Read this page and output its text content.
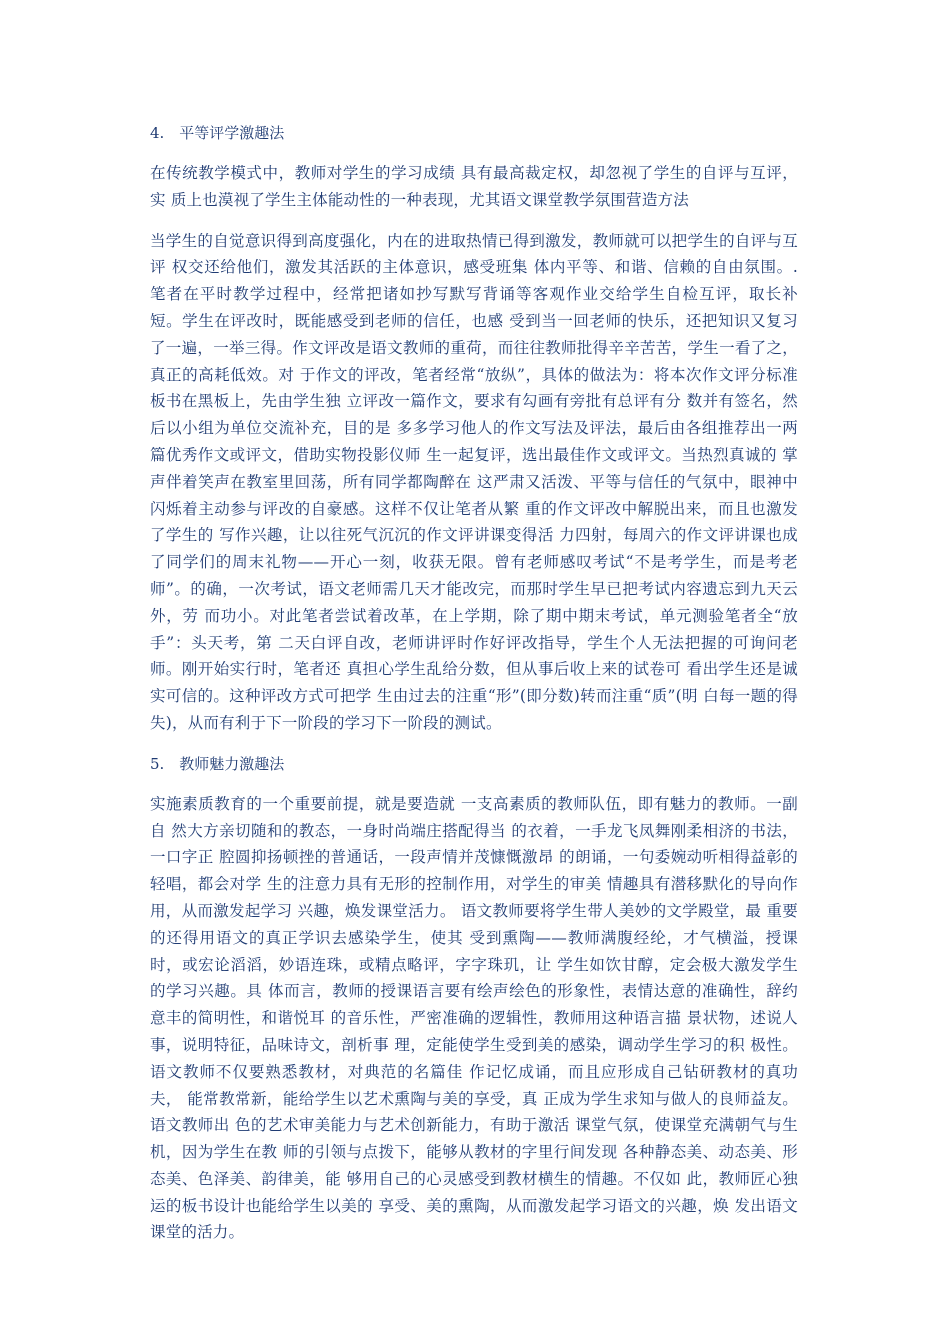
4.　平等评学激趣法

在传统教学模式中，教师对学生的学习成绩 具有最高裁定权，却忽视了学生的自评与互评，实 质上也漠视了学生主体能动性的一种表现，尤其语文课堂教学氛围营造方法

当学生的自觉意识得到高度强化，内在的进取热情已得到激发，教师就可以把学生的自评与互评 权交还给他们，激发其活跃的主体意识，感受班集 体内平等、和谐、信赖的自由氛围。. 笔者在平时教学过程中，经常把诸如抄写默写背诵等客观作业交给学生自检互评，取长补 短。学生在评改时，既能感受到老师的信任，也感 受到当一回老师的快乐，还把知识又复习了一遍，一举三得。作文评改是语文教师的重荷，而往往教师批得辛辛苦苦，学生一看了之，真正的高耗低效。对 于作文的评改，笔者经常“放纵”，具体的做法为：将本次作文评分标准板书在黑板上，先由学生独 立评改一篇作文，要求有勾画有旁批有总评有分 数并有签名，然后以小组为单位交流补充，目的是 多多学习他人的作文写法及评法，最后由各组推荐出一两篇优秀作文或评文，借助实物投影仪师 生一起复评，选出最佳作文或评文。当热烈真诚的 掌声伴着笑声在教室里回荡，所有同学都陶醉在 这严肃又活泼、平等与信任的气氛中，眼神中闪烁着主动参与评改的自豪感。这样不仅让笔者从繁 重的作文评改中解脱出来，而且也激发了学生的 写作兴趣，让以往死气沉沉的作文评讲课变得活 力四射，每周六的作文评讲课也成了同学们的周末礼物——开心一刻，收获无限。曾有老师感叹考试“不是考学生，而是考老 师”。的确，一次考试，语文老师需几天才能改完，而那时学生早已把考试内容遗忘到九天云外，劳 而功小。对此笔者尝试着改革，在上学期，除了期中期末考试，单元测验笔者全“放手”：头天考，第 二天白评自改，老师讲评时作好评改指导，学生个人无法把握的可询问老师。刚开始实行时，笔者还 真担心学生乱给分数，但从事后收上来的试卷可 看出学生还是诚实可信的。这种评改方式可把学 生由过去的注重“形”(即分数)转而注重“质”(明 白每一题的得失)，从而有利于下一阶段的学习下一阶段的测试。

5.　教师魅力激趣法

实施素质教育的一个重要前提，就是要造就 一支高素质的教师队伍，即有魅力的教师。一副自 然大方亲切随和的教态，一身时尚端庄搭配得当 的衣着，一手龙飞凤舞刚柔相济的书法，一口字正 腔圆抑扬顿挫的普通话，一段声情并茂慷慨激昂 的朗诵，一句委婉动听相得益彰的轻唱，都会对学 生的注意力具有无形的控制作用，对学生的审美 情趣具有潜移默化的导向作用，从而激发起学习 兴趣，焕发课堂活力。 语文教师要将学生带人美妙的文学殿堂，最 重要的还得用语文的真正学识去感染学生，使其 受到熏陶——教师满腹经纶，才气横溢，授课时，或宏论滔滔，妙语连珠，或精点略评，字字珠玑，让 学生如饮甘醇，定会极大激发学生的学习兴趣。具 体而言，教师的授课语言要有绘声绘色的形象性，表情达意的准确性，辞约意丰的简明性，和谐悦耳 的音乐性，严密准确的逻辑性，教师用这种语言描 景状物，述说人事，说明特征，品味诗文，剖析事 理，定能使学生受到美的感染，调动学生学习的积 极性。语文教师不仅要熟悉教材，对典范的名篇佳 作记忆成诵，而且应形成自己钻研教材的真功夫， 能常教常新，能给学生以艺术熏陶与美的享受，真 正成为学生求知与做人的良师益友。语文教师出 色的艺术审美能力与艺术创新能力，有助于激活 课堂气氛，使课堂充满朝气与生机，因为学生在教 师的引领与点拨下，能够从教材的字里行间发现 各种静态美、动态美、形态美、色泽美、韵律美，能 够用自己的心灵感受到教材横生的情趣。不仅如 此，教师匠心独运的板书设计也能给学生以美的 享受、美的熏陶，从而激发起学习语文的兴趣，焕 发出语文课堂的活力。
